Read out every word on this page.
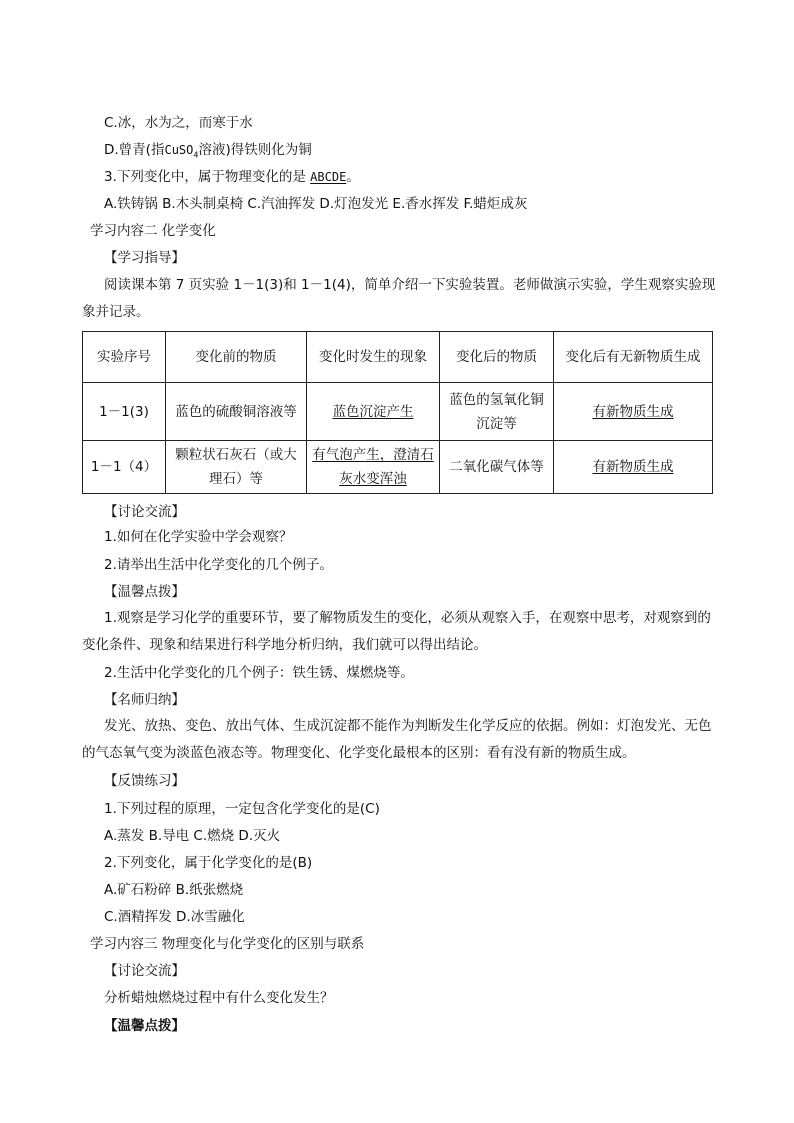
C.冰，水为之，而寒于水
D.曾青(指CuSO$_4$溶液)得铁则化为铜
3.下列变化中，属于物理变化的是 ABCDE。
A.铁铸锅 B.木头制桌椅 C.汽油挥发 D.灯泡发光 E.香水挥发 F.蜡炬成灰
学习内容二 化学变化
【学习指导】
阅读课本第 7 页实验 1－1(3)和 1－1(4)，简单介绍一下实验装置。老师做演示实验，学生观察实验现象并记录。
实验序号	变化前的物质	变化时发生的现象	变化后的物质	变化后有无新物质生成
1－1(3)	蓝色的硫酸铜溶液等	蓝色沉淀产生	蓝色的氢氧化铜沉淀等	有新物质生成
1－1（4）	颗粒状石灰石（或大理石）等	有气泡产生，澄清石灰水变浑浊	二氧化碳气体等	有新物质生成
【讨论交流】
1.如何在化学实验中学会观察？
2.请举出生活中化学变化的几个例子。
【温馨点拨】
1.观察是学习化学的重要环节，要了解物质发生的变化，必须从观察入手，在观察中思考，对观察到的变化条件、现象和结果进行科学地分析归纳，我们就可以得出结论。
2.生活中化学变化的几个例子：铁生锈、煤燃烧等。
【名师归纳】
发光、放热、变色、放出气体、生成沉淀都不能作为判断发生化学反应的依据。例如：灯泡发光、无色的气态氧气变为淡蓝色液态等。物理变化、化学变化最根本的区别：看有没有新的物质生成。
【反馈练习】
1.下列过程的原理，一定包含化学变化的是(C)
A.蒸发 B.导电 C.燃烧 D.灭火
2.下列变化，属于化学变化的是(B)
A.矿石粉碎 B.纸张燃烧
C.酒精挥发 D.冰雪融化
学习内容三 物理变化与化学变化的区别与联系
【讨论交流】
分析蜡烛燃烧过程中有什么变化发生？
【温馨点拨】
